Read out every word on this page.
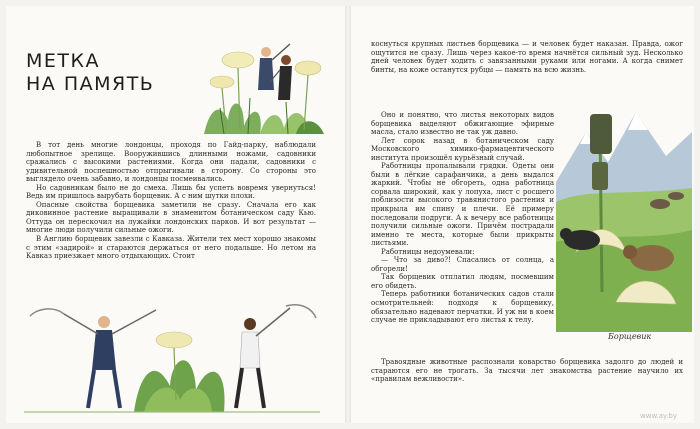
МЕТКА
НА ПАМЯТЬ

В тот день многие лондонцы, проходя по Гайд-парку, наблюдали любопытное зрелище. Вооружившись длинными ножами, садовники сражались с высокими растениями. Когда они падали, садовники с удивительной поспешностью отпрыгивали в сторону. Со стороны это выглядело очень забавно, и лондонцы посмеивались.

Но садовникам было не до смеха. Лишь бы успеть вовремя увернуться! Ведь им пришлось вырубать борщевик. А с ним шутки плохи.

Опасные свойства борщевика заметили не сразу. Сначала его как диковинное растение выращивали в знаменитом ботаническом саду Кью. Оттуда он перескочил на лужайки лондонских парков. И вот результат — многие люди получили сильные ожоги.

В Англию борщевик завезли с Кавказа. Жители тех мест хорошо знакомы с этим «задирой» и стараются держаться от него подальше. Но летом на Кавказ приезжает много отдыхающих. Стоит

коснуться крупных листьев борщевика — и человек будет наказан. Правда, ожог ощутится не сразу. Лишь через какое-то время начнётся сильный зуд. Несколько дней человек будет ходить с завязанными руками или ногами. А когда снимет бинты, на коже останутся рубцы — память на всю жизнь.

Оно и понятно, что листья некоторых видов борщевика выделяют обжигающие эфирные масла, стало известно не так уж давно.

Лет сорок назад в ботаническом саду Московского химико-фармацевтического института произошёл курьёзный случай.

Работницы пропалывали грядки. Одеты они были в лёгкие сарафанчики, а день выдался жаркий. Чтобы не обгореть, одна работница сорвала широкий, как у лопуха, лист с росшего поблизости высокого травянистого растения и прикрыла им спину и плечи. Её примеру последовали подруги. А к вечеру все работницы получили сильные ожоги. Причём пострадали именно те места, которые были прикрыты листьями.

Работницы недоумевали:

— Что за диво?! Спасались от солнца, а обгорели!

Так борщевик отплатил людям, посмевшим его обидеть.

Теперь работники ботанических садов стали осмотрительней: подходя к борщевику, обязательно надевают перчатки. И уж ни в коем случае не прикладывают его листья к телу.

Борщевик

Травоядные животные распознали коварство борщевика задолго до людей и стараются его не трогать. За тысячи лет знакомства растение научило их «правилам вежливости».

www.ay.by
